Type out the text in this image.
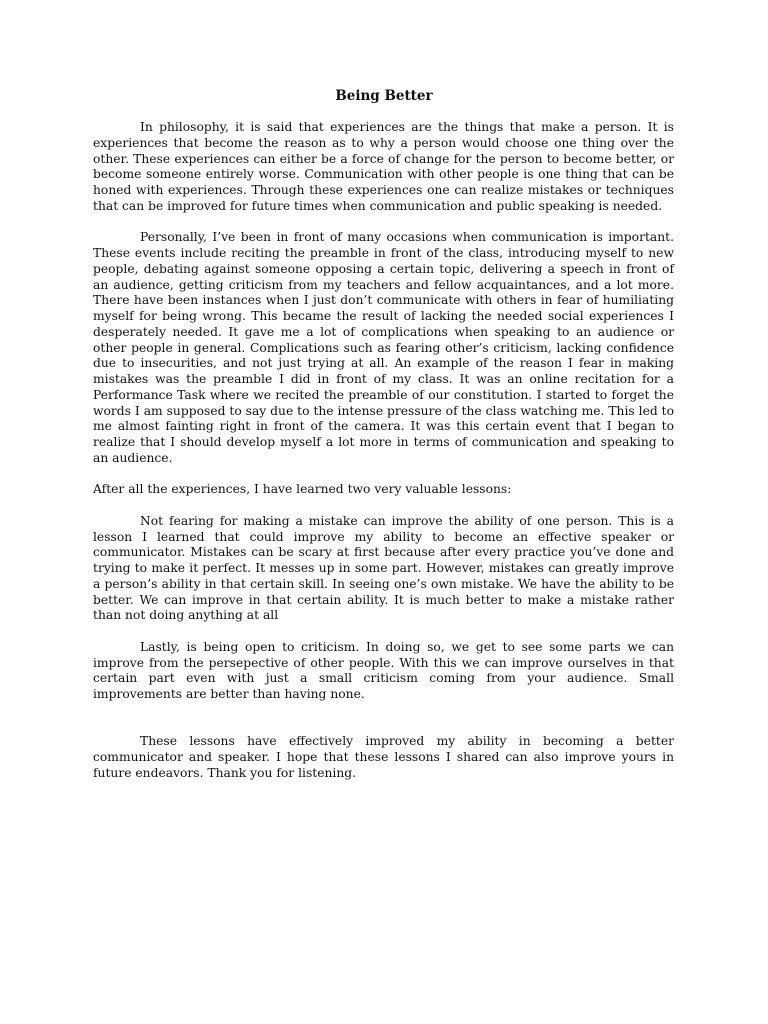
Being Better

In philosophy, it is said that experiences are the things that make a person. It is experiences that become the reason as to why a person would choose one thing over the other. These experiences can either be a force of change for the person to become better, or become someone entirely worse. Communication with other people is one thing that can be honed with experiences. Through these experiences one can realize mistakes or techniques that can be improved for future times when communication and public speaking is needed.

Personally, I’ve been in front of many occasions when communication is important. These events include reciting the preamble in front of the class, introducing myself to new people, debating against someone opposing a certain topic, delivering a speech in front of an audience, getting criticism from my teachers and fellow acquaintances, and a lot more. There have been instances when I just don’t communicate with others in fear of humiliating myself for being wrong. This became the result of lacking the needed social experiences I desperately needed. It gave me a lot of complications when speaking to an audience or other people in general. Complications such as fearing other’s criticism, lacking confidence due to insecurities, and not just trying at all. An example of the reason I fear in making mistakes was the preamble I did in front of my class. It was an online recitation for a Performance Task where we recited the preamble of our constitution. I started to forget the words I am supposed to say due to the intense pressure of the class watching me. This led to me almost fainting right in front of the camera. It was this certain event that I began to realize that I should develop myself a lot more in terms of communication and speaking to an audience.

After all the experiences, I have learned two very valuable lessons:

Not fearing for making a mistake can improve the ability of one person. This is a lesson I learned that could improve my ability to become an effective speaker or communicator. Mistakes can be scary at first because after every practice you’ve done and trying to make it perfect. It messes up in some part. However, mistakes can greatly improve a person’s ability in that certain skill. In seeing one’s own mistake. We have the ability to be better. We can improve in that certain ability. It is much better to make a mistake rather than not doing anything at all

Lastly, is being open to criticism. In doing so, we get to see some parts we can improve from the persepective of other people. With this we can improve ourselves in that certain part even with just a small criticism coming from your audience. Small improvements are better than having none.

These lessons have effectively improved my ability in becoming a better communicator and speaker. I hope that these lessons I shared can also improve yours in future endeavors. Thank you for listening.
